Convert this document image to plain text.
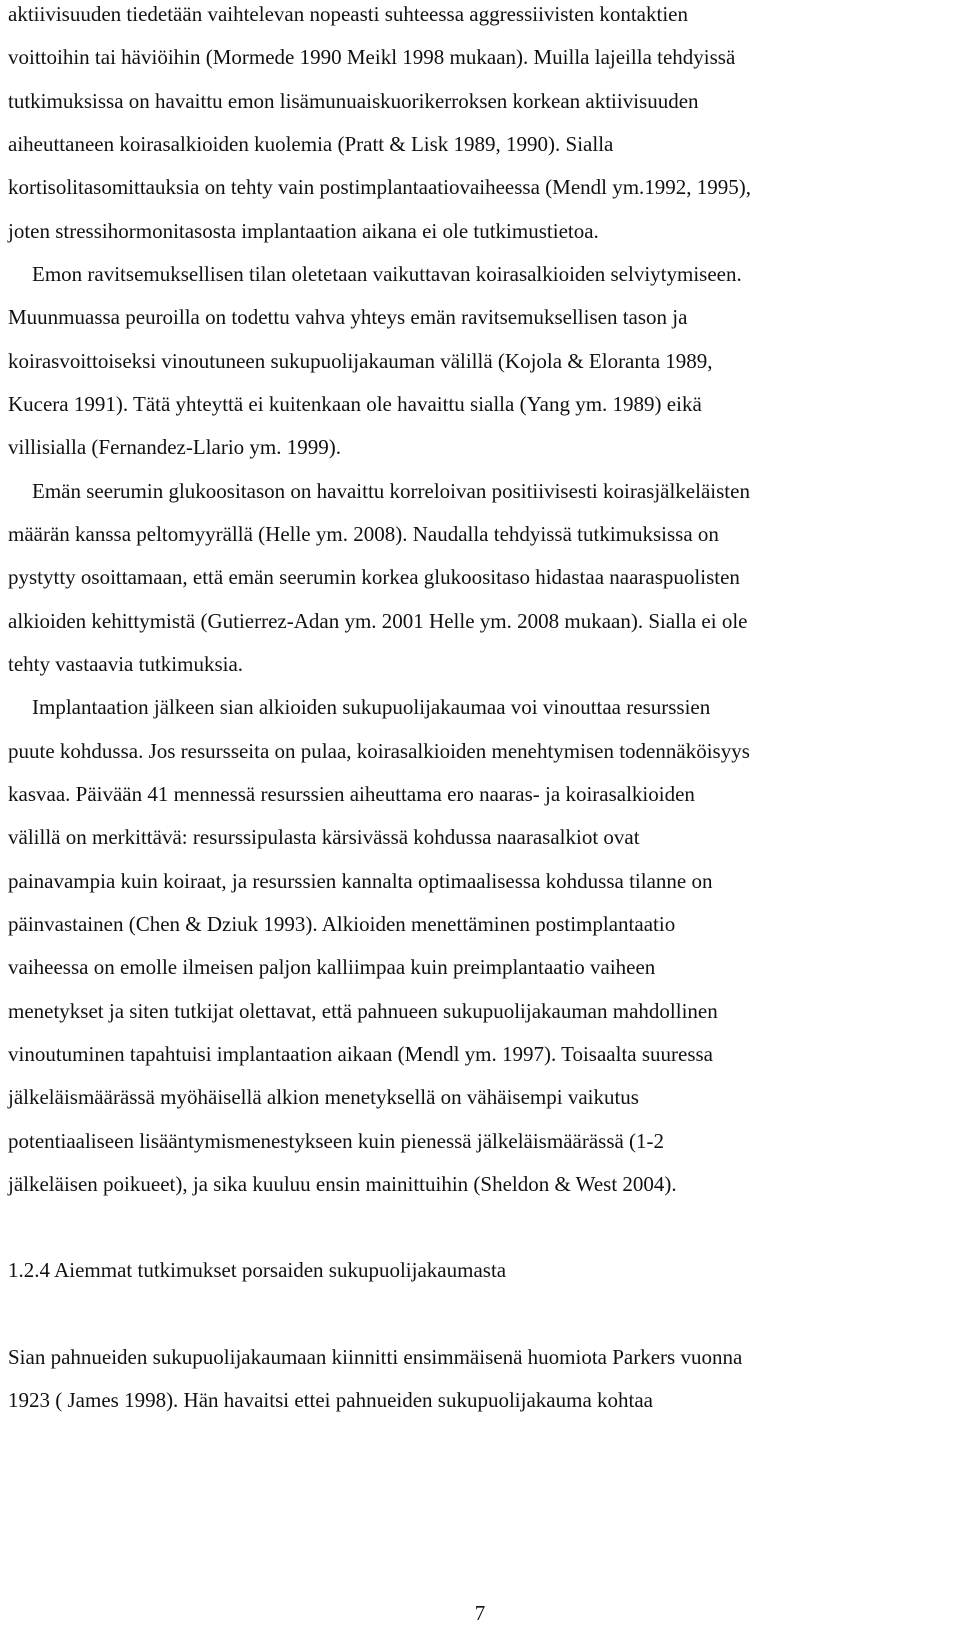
aktiivisuuden tiedetään vaihtelevan nopeasti suhteessa aggressiivisten kontaktien
voittoihin tai häviöihin (Mormede 1990 Meikl 1998 mukaan). Muilla lajeilla tehdyissä
tutkimuksissa on havaittu emon lisämunuaiskuorikerroksen korkean aktiivisuuden
aiheuttaneen koirasalkioiden kuolemia (Pratt & Lisk 1989, 1990). Sialla
kortisolitasomittauksia on tehty vain postimplantaatiovaiheessa (Mendl ym.1992, 1995),
joten stressihormonitasosta implantaation aikana ei ole tutkimustietoa.
Emon ravitsemuksellisen tilan oletetaan vaikuttavan koirasalkioiden selviytymiseen.
Muunmuassa peuroilla on todettu vahva yhteys emän ravitsemuksellisen tason ja
koirasvoittoiseksi vinoutuneen sukupuolijakauman välillä (Kojola & Eloranta 1989,
Kucera 1991). Tätä yhteyttä ei kuitenkaan ole havaittu sialla (Yang ym. 1989) eikä
villisialla (Fernandez-Llario ym. 1999).
Emän seerumin glukoositason on havaittu korreloivan positiivisesti koirasjälkeläisten
määrän kanssa peltomyyrällä (Helle ym. 2008). Naudalla tehdyissä tutkimuksissa on
pystytty osoittamaan, että emän seerumin korkea glukoositaso hidastaa naaraspuolisten
alkioiden kehittymistä (Gutierrez-Adan ym. 2001 Helle ym. 2008 mukaan). Sialla ei ole
tehty vastaavia tutkimuksia.
Implantaation jälkeen sian alkioiden sukupuolijakaumaa voi vinouttaa resurssien
puute kohdussa. Jos resursseita on pulaa, koirasalkioiden menehtymisen todennäköisyys
kasvaa. Päivään 41 mennessä resurssien aiheuttama ero naaras- ja koirasalkioiden
välillä on merkittävä: resurssipulasta kärsivässä kohdussa naarasalkiot ovat
painavampia kuin koiraat, ja resurssien kannalta optimaalisessa kohdussa tilanne on
päinvastainen (Chen & Dziuk 1993). Alkioiden menettäminen postimplantaatio
vaiheessa on emolle ilmeisen paljon kalliimpaa kuin preimplantaatio vaiheen
menetykset ja siten tutkijat olettavat, että pahnueen sukupuolijakauman mahdollinen
vinoutuminen tapahtuisi implantaation aikaan (Mendl ym. 1997). Toisaalta suuressa
jälkeläismäärässä myöhäisellä alkion menetyksellä on vähäisempi vaikutus
potentiaaliseen lisääntymismenestykseen kuin pienessä jälkeläismäärässä (1-2
jälkeläisen poikueet), ja sika kuuluu ensin mainittuihin (Sheldon & West 2004).
1.2.4 Aiemmat tutkimukset porsaiden sukupuolijakaumasta
Sian pahnueiden sukupuolijakaumaan kiinnitti ensimmäisenä huomiota Parkers vuonna
1923 ( James 1998). Hän havaitsi ettei pahnueiden sukupuolijakauma kohtaa
7
